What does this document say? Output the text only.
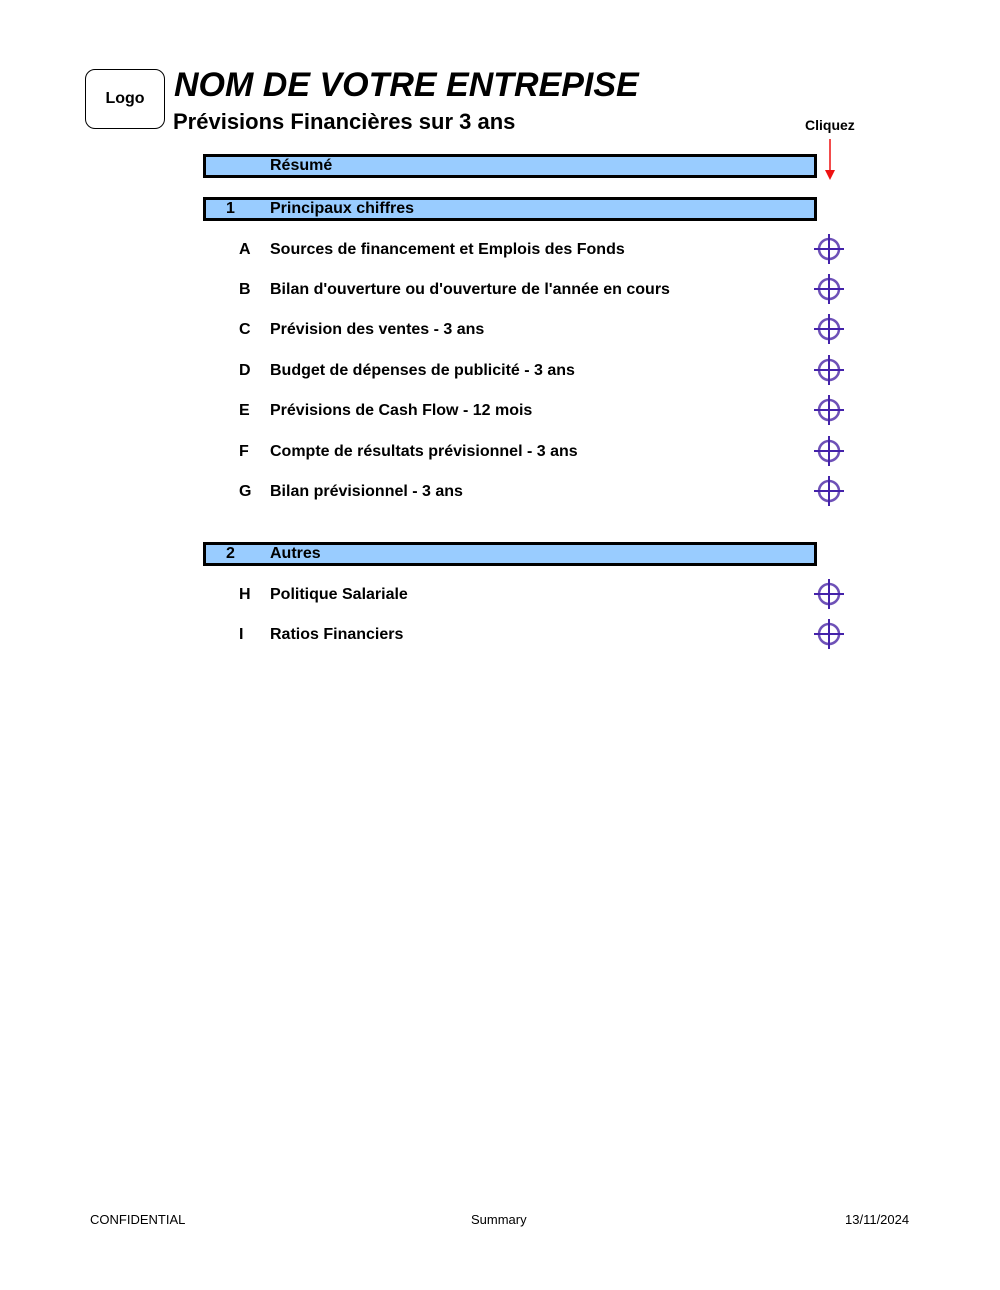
Logo NOM DE VOTRE ENTREPISE
Prévisions Financières sur 3 ans	Cliquez
Résumé
1 Principaux chiffres
A Sources de financement et Emplois des Fonds
B Bilan d'ouverture ou d'ouverture de l'année en cours
C Prévision des ventes - 3 ans
D Budget de dépenses de publicité - 3 ans
E Prévisions de Cash Flow - 12 mois
F Compte de résultats prévisionnel - 3 ans
G Bilan prévisionnel - 3 ans
2 Autres
H Politique Salariale
I Ratios Financiers
CONFIDENTIAL	Summary	13/11/2024
